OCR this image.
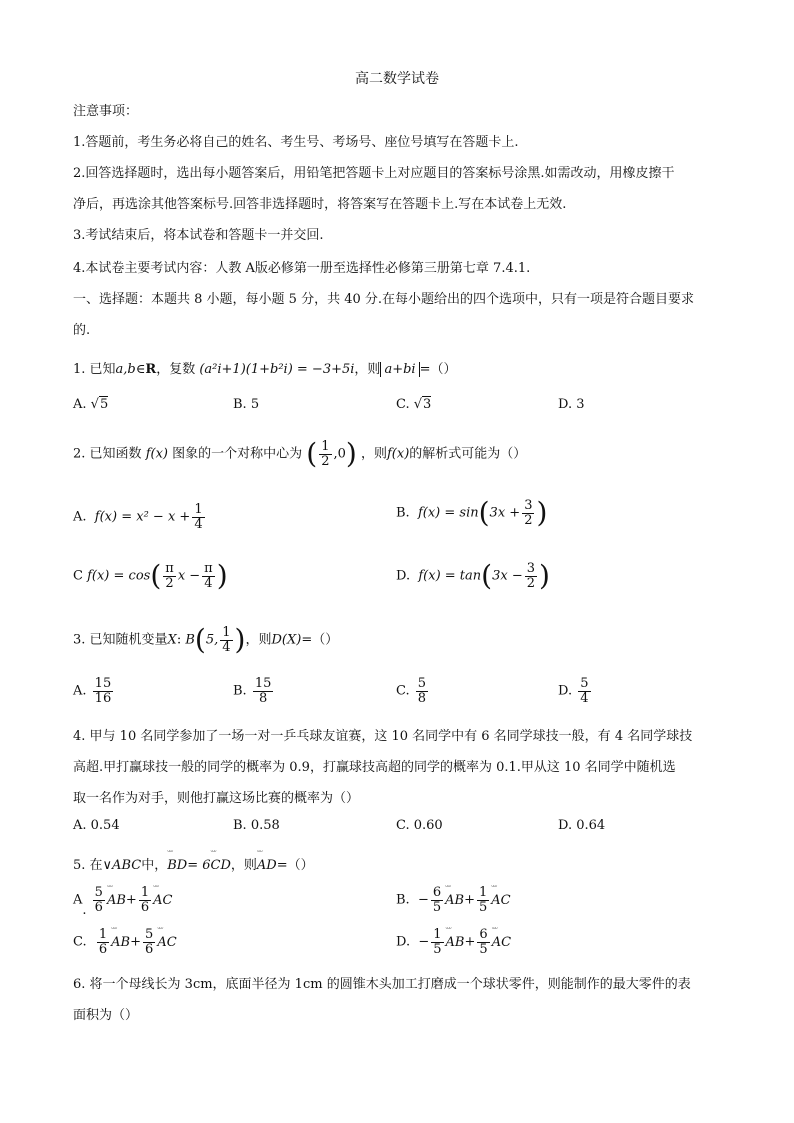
高二数学试卷
注意事项：
1.答题前，考生务必将自己的姓名、考生号、考场号、座位号填写在答题卡上.
2.回答选择题时，选出每小题答案后，用铅笔把答题卡上对应题目的答案标号涂黑.如需改动，用橡皮擦干
净后，再选涂其他答案标号.回答非选择题时，将答案写在答题卡上.写在本试卷上无效.
3.考试结束后，将本试卷和答题卡一并交回.
4.本试卷主要考试内容：人教 A版必修第一册至选择性必修第三册第七章 7.4.1.
一、选择题：本题共 8 小题，每小题 5 分，共 40 分.在每小题给出的四个选项中，只有一项是符合题目要求
的.
1. 已知a,b∈R，复数 (a²i+1)(1+b²i) = −3+5i，则 a+bi =（）
A. √5	B. 5	C. √3	D. 3
2. 已知函数 f(x) 图象的一个对称中心为 ( $\frac{1}{2} ,0$) ，则f(x)的解析式可能为（）
A. $f(x) = x^2 - x + \frac{1}{4}$	B. $f(x) = \sin(3x + \frac{3}{2}$ )
C $f(x) = \cos( \frac{\pi}{2}$ $x - \frac{\pi}{4}$ )	D. $f(x) = \tan(3x - \frac{3}{2}$ )
3. 已知随机变量X: B(5, $\frac{1}{4}$ )，则D(X)=（）
A. $\frac{15}{16}$	B. $\frac{15}{8}$	C. $\frac{5}{8}$	D. $\frac{5}{4}$
4. 甲与 10 名同学参加了一场一对一乒乓球友谊赛，这 10 名同学中有 6 名同学球技一般，有 4 名同学球技
高超.甲打赢球技一般的同学的概率为 0.9，打赢球技高超的同学的概率为 0.1.甲从这 10 名同学中随机选
取一名作为对手，则他打赢这场比赛的概率为（）
A. 0.54	B. 0.58	C. 0.60	D. 0.64
5. 在∨ABC中，ᵕᵕᵕ BD= 6ᵕᵕᵕ CD，则ᵕᵕᵕ AD=（）
A. $\frac{5}{6}$ ᵕᵕᵕ $AB+ \frac{1}{6}$ ᵕᵕᵕ AC	B. − $\frac{6}{5}$ ᵕᵕᵕ $AB+ \frac{1}{5}$ ᵕᵕᵕ AC
C. $\frac{1}{6}$ ᵕᵕᵕ $AB+ \frac{5}{6}$ ᵕᵕᵕ AC	D. − $\frac{1}{5}$ ᵕᵕᵕ $AB+ \frac{6}{5}$ ᵕᵕᵕ AC
6. 将一个母线长为 3cm，底面半径为 1cm 的圆锥木头加工打磨成一个球状零件，则能制作的最大零件的表
面积为（）
